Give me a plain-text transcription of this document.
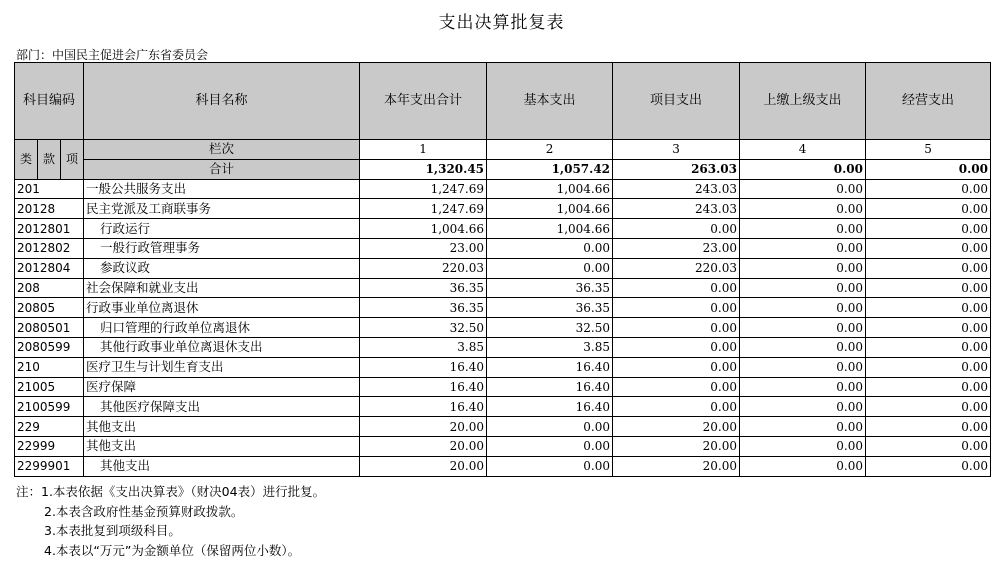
支出决算批复表
部门：中国民主促进会广东省委员会
科目编码			科目名称	本年支出合计	基本支出	项目支出	上缴上级支出	经营支出
类	款	项	栏次	1	2	3	4	5
			合计	1,320.45	1,057.42	263.03	0.00	0.00
201			一般公共服务支出	1,247.69	1,004.66	243.03	0.00	0.00
20128			民主党派及工商联事务	1,247.69	1,004.66	243.03	0.00	0.00
2012801			行政运行	1,004.66	1,004.66	0.00	0.00	0.00
2012802			一般行政管理事务	23.00	0.00	23.00	0.00	0.00
2012804			参政议政	220.03	0.00	220.03	0.00	0.00
208			社会保障和就业支出	36.35	36.35	0.00	0.00	0.00
20805			行政事业单位离退休	36.35	36.35	0.00	0.00	0.00
2080501			归口管理的行政单位离退休	32.50	32.50	0.00	0.00	0.00
2080599			其他行政事业单位离退休支出	3.85	3.85	0.00	0.00	0.00
210			医疗卫生与计划生育支出	16.40	16.40	0.00	0.00	0.00
21005			医疗保障	16.40	16.40	0.00	0.00	0.00
2100599			其他医疗保障支出	16.40	16.40	0.00	0.00	0.00
229			其他支出	20.00	0.00	20.00	0.00	0.00
22999			其他支出	20.00	0.00	20.00	0.00	0.00
2299901			其他支出	20.00	0.00	20.00	0.00	0.00
注：1.本表依据《支出决算表》（财决04表）进行批复。
2.本表含政府性基金预算财政拨款。
3.本表批复到项级科目。
4.本表以“万元”为金额单位（保留两位小数）。
